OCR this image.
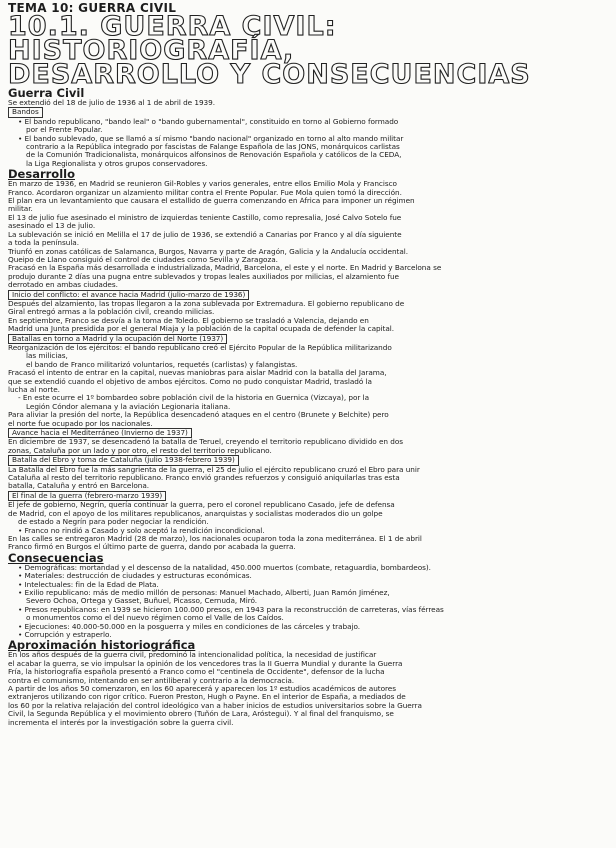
TEMA 10: GUERRA CIVIL

10.1. GUERRA CIVIL: HISTORIOGRAFÍA,

DESARROLLO Y CONSECUENCIAS

Guerra Civil

Se extendió del 18 de julio de 1936 al 1 de abril de 1939.
Bandos
• El bando republicano, "bando leal" o "bando gubernamental", constituido en torno al Gobierno formado
por el Frente Popular.
• El bando sublevado, que se llamó a sí mismo "bando nacional" organizado en torno al alto mando militar
contrario a la República integrado por fascistas de Falange Española de las JONS, monárquicos carlistas
de la Comunión Tradicionalista, monárquicos alfonsinos de Renovación Española y católicos de la CEDA,
la Liga Regionalista y otros grupos conservadores.

Desarrollo

En marzo de 1936, en Madrid se reunieron Gil-Robles y varios generales, entre ellos Emilio Mola y Francisco
Franco. Acordaron organizar un alzamiento militar contra el Frente Popular. Fue Mola quien tomó la dirección.
El plan era un levantamiento que causara el estallido de guerra comenzando en África para imponer un régimen
militar.
El 13 de julio fue asesinado el ministro de izquierdas teniente Castillo, como represalia, José Calvo Sotelo fue
asesinado el 13 de julio.
La sublevación se inició en Melilla el 17 de julio de 1936, se extendió a Canarias por Franco y al día siguiente
a toda la península.
Triunfó en zonas católicas de Salamanca, Burgos, Navarra y parte de Aragón, Galicia y la Andalucía occidental.
Queipo de Llano consiguió el control de ciudades como Sevilla y Zaragoza.
Fracasó en la España más desarrollada e industrializada, Madrid, Barcelona, el este y el norte. En Madrid y Barcelona se
produjo durante 2 días una pugna entre sublevados y tropas leales auxiliados por milicias, el alzamiento fue
derrotado en ambas ciudades.
Inicio del conflicto: el avance hacia Madrid (julio-marzo de 1936)
Después del alzamiento, las tropas llegaron a la zona sublevada por Extremadura. El gobierno republicano de
Giral entregó armas a la población civil, creando milicias.
En septiembre, Franco se desvía a la toma de Toledo. El gobierno se trasladó a Valencia, dejando en
Madrid una Junta presidida por el general Miaja y la población de la capital ocupada de defender la capital.
Batallas en torno a Madrid y la ocupación del Norte (1937)
Reorganización de los ejércitos: el bando republicano creó el Ejército Popular de la República militarizando
las milicias,
el bando de Franco militarizó voluntarios, requetés (carlistas) y falangistas.
Fracasó el intento de entrar en la capital, nuevas maniobras para aislar Madrid con la batalla del Jarama,
que se extendió cuando el objetivo de ambos ejércitos. Como no pudo conquistar Madrid, trasladó la
lucha al norte.
- En este ocurre el 1º bombardeo sobre población civil de la historia en Guernica (Vizcaya), por la
Legión Cóndor alemana y la aviación Legionaria italiana.
Para aliviar la presión del norte, la República desencadenó ataques en el centro (Brunete y Belchite) pero
el norte fue ocupado por los nacionales.
Avance hacia el Mediterráneo (Invierno de 1937)
En diciembre de 1937, se desencadenó la batalla de Teruel, creyendo el territorio republicano dividido en dos
zonas, Cataluña por un lado y por otro, el resto del territorio republicano.
Batalla del Ebro y toma de Cataluña (julio 1938-febrero 1939)
La Batalla del Ebro fue la más sangrienta de la guerra, el 25 de julio el ejército republicano cruzó el Ebro para unir
Cataluña al resto del territorio republicano. Franco envió grandes refuerzos y consiguió aniquilarlas tras esta
batalla, Cataluña y entró en Barcelona.
El final de la guerra (febrero-marzo 1939)
El jefe de gobierno, Negrín, quería continuar la guerra, pero el coronel republicano Casado, jefe de defensa
de Madrid, con el apoyo de los militares republicanos, anarquistas y socialistas moderados dio un golpe
de estado a Negrín para poder negociar la rendición.
• Franco no rindió a Casado y solo aceptó la rendición incondicional.
En las calles se entregaron Madrid (28 de marzo), los nacionales ocuparon toda la zona mediterránea. El 1 de abril
Franco firmó en Burgos el último parte de guerra, dando por acabada la guerra.

Consecuencias

• Demográficas: mortandad y el descenso de la natalidad, 450.000 muertos (combate, retaguardia, bombardeos).
• Materiales: destrucción de ciudades y estructuras económicas.
• Intelectuales: fin de la Edad de Plata.
• Exilio republicano: más de medio millón de personas: Manuel Machado, Alberti, Juan Ramón Jiménez,
Severo Ochoa, Ortega y Gasset, Buñuel, Picasso, Cernuda, Miró.
• Presos republicanos: en 1939 se hicieron 100.000 presos, en 1943 para la reconstrucción de carreteras, vías férreas
o monumentos como el del nuevo régimen como el Valle de los Caídos.
• Ejecuciones: 40.000-50.000 en la posguerra y miles en condiciones de las cárceles y trabajo.
• Corrupción y estraperlo.

Aproximación historiográfica

En los años después de la guerra civil, predominó la intencionalidad política, la necesidad de justificar
el acabar la guerra, se vio impulsar la opinión de los vencedores tras la II Guerra Mundial y durante la Guerra
Fría, la historiografía española presentó a Franco como el "centinela de Occidente", defensor de la lucha
contra el comunismo, intentando en ser antiliberal y contrario a la democracia.
A partir de los años 50 comenzaron, en los 60 aparecerá y aparecen los 1º estudios académicos de autores
extranjeros utilizando con rigor crítico. Fueron Preston, Hugh o Payne. En el interior de España, a mediados de
los 60 por la relativa relajación del control ideológico van a haber inicios de estudios universitarios sobre la Guerra
Civil, la Segunda República y el movimiento obrero (Tuñón de Lara, Aróstegui). Y al final del franquismo, se
incrementa el interés por la investigación sobre la guerra civil.
